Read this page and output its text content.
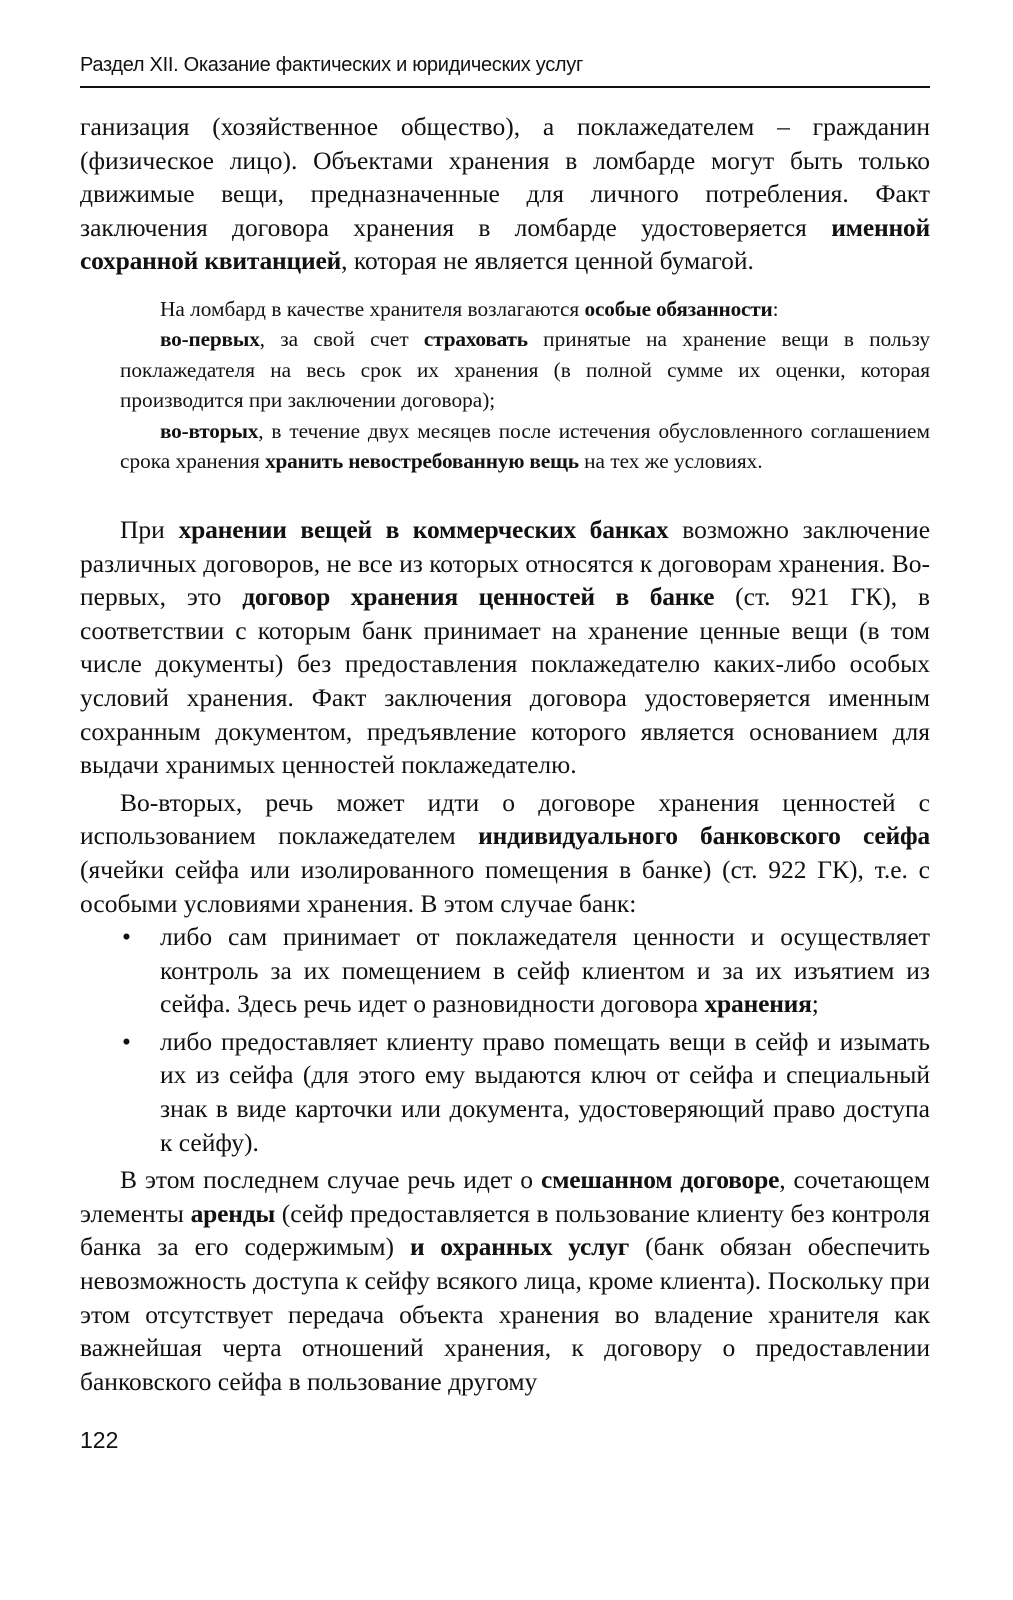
Раздел XII. Оказание фактических и юридических услуг

ганизация (хозяйственное общество), а поклажедателем – гражданин (физическое лицо). Объектами хранения в ломбарде могут быть только движимые вещи, предназначенные для личного потребления. Факт заключения договора хранения в ломбарде удостоверяется именной сохранной квитанцией, которая не является ценной бумагой.

На ломбард в качестве хранителя возлагаются особые обязанности:

во-первых, за свой счет страховать принятые на хранение вещи в пользу поклажедателя на весь срок их хранения (в полной сумме их оценки, которая производится при заключении договора);

во-вторых, в течение двух месяцев после истечения обусловленного соглашением срока хранения хранить невостребованную вещь на тех же условиях.

При хранении вещей в коммерческих банках возможно заключение различных договоров, не все из которых относятся к договорам хранения. Во-первых, это договор хранения ценностей в банке (ст. 921 ГК), в соответствии с которым банк принимает на хранение ценные вещи (в том числе документы) без предоставления поклажедателю каких-либо особых условий хранения. Факт заключения договора удостоверяется именным сохранным документом, предъявление которого является основанием для выдачи хранимых ценностей поклажедателю.

Во-вторых, речь может идти о договоре хранения ценностей с использованием поклажедателем индивидуального банковского сейфа (ячейки сейфа или изолированного помещения в банке) (ст. 922 ГК), т.е. с особыми условиями хранения. В этом случае банк:

• либо сам принимает от поклажедателя ценности и осуществляет контроль за их помещением в сейф клиентом и за их изъятием из сейфа. Здесь речь идет о разновидности договора хранения;
• либо предоставляет клиенту право помещать вещи в сейф и изымать их из сейфа (для этого ему выдаются ключ от сейфа и специальный знак в виде карточки или документа, удостоверяющий право доступа к сейфу).

В этом последнем случае речь идет о смешанном договоре, сочетающем элементы аренды (сейф предоставляется в пользование клиенту без контроля банка за его содержимым) и охранных услуг (банк обязан обеспечить невозможность доступа к сейфу всякого лица, кроме клиента). Поскольку при этом отсутствует передача объекта хранения во владение хранителя как важнейшая черта отношений хранения, к договору о предоставлении банковского сейфа в пользование другому

122
